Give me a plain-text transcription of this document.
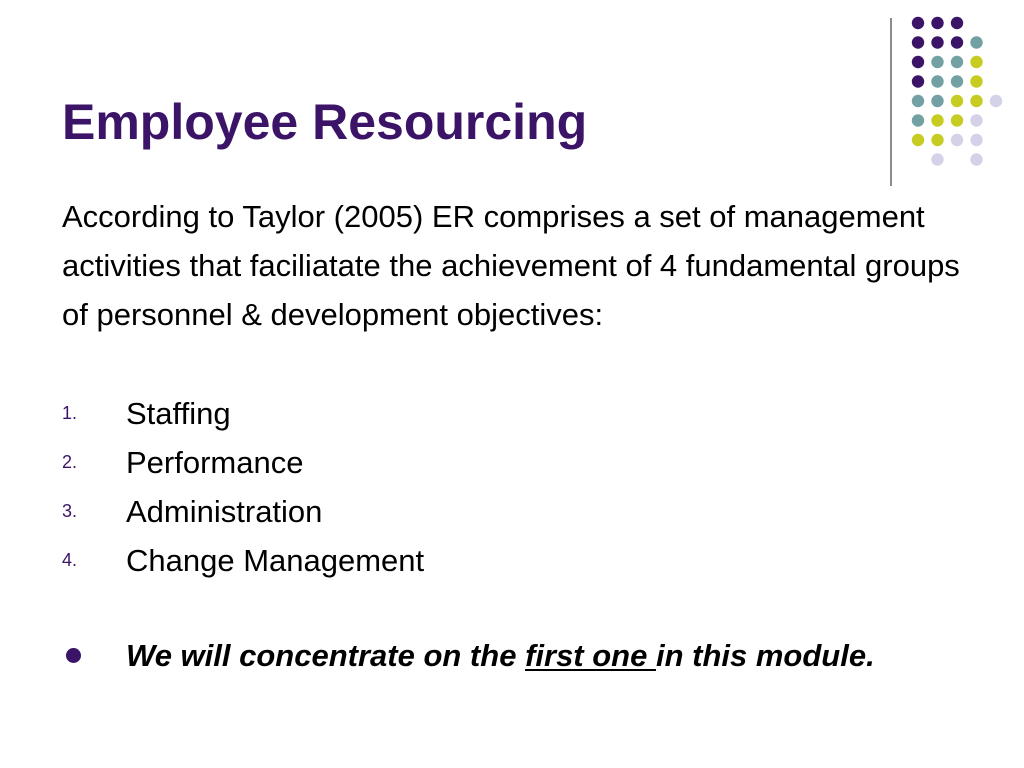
Employee Resourcing

According to Taylor (2005) ER comprises a set of management activities that faciliatate the achievement of 4 fundamental groups of personnel & development objectives:

1. Staffing
2. Performance
3. Administration
4. Change Management
We will concentrate on the first one in this module.
